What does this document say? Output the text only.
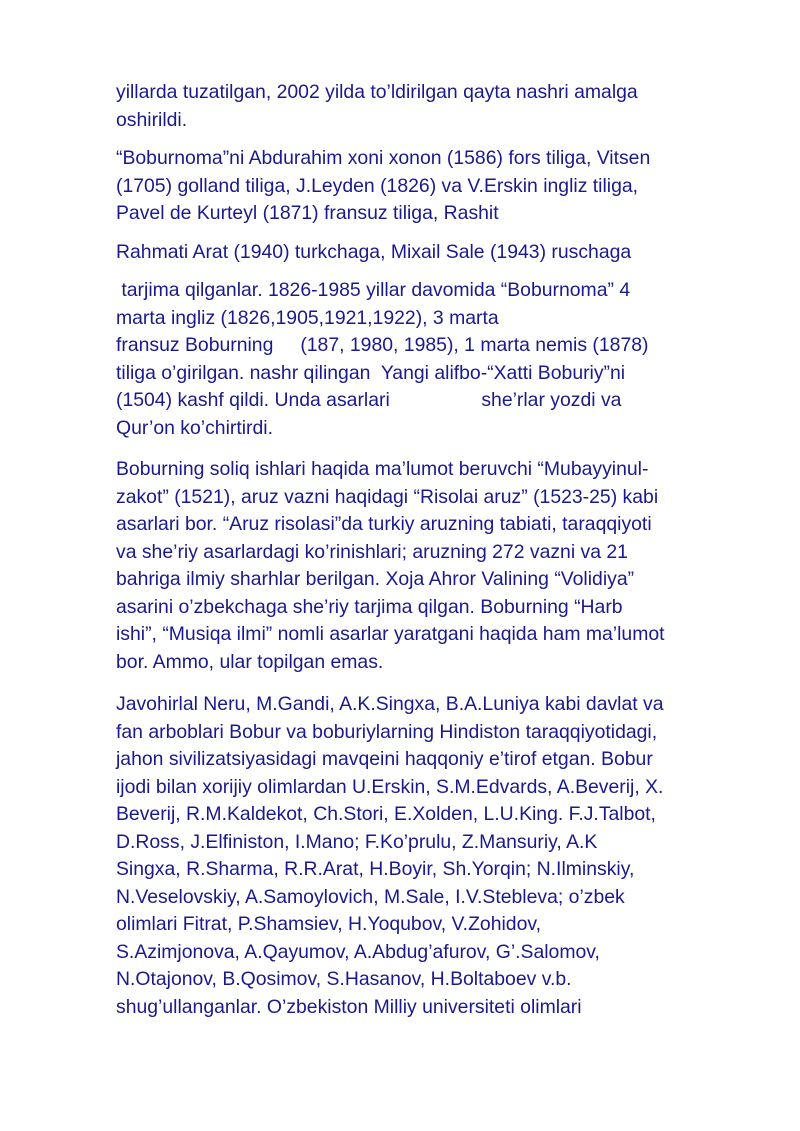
yillarda tuzatilgan, 2002 yilda to’ldirilgan qayta nashri amalga
oshirildi.
“Boburnoma”ni Abdurahim xoni xonon (1586) fors tiliga, Vitsen
(1705) golland tiliga, J.Leyden (1826) va V.Erskin ingliz tiliga,
Pavel de Kurteyl (1871) fransuz tiliga, Rashit
Rahmati Arat (1940) turkchaga, Mixail Sale (1943) ruschaga
tarjima qilganlar. 1826-1985 yillar davomida “Boburnoma” 4
marta ingliz (1826,1905,1921,1922), 3 marta
fransuz Boburning     (187, 1980, 1985), 1 marta nemis (1878)
tiliga o’girilgan. nashr qilingan  Yangi alifbo-“Xatti Boburiy”ni
(1504) kashf qildi. Unda asarlari                 she’rlar yozdi va
Qur’on ko’chirtirdi.
Boburning soliq ishlari haqida ma’lumot beruvchi “Mubayyinul-
zakot” (1521), aruz vazni haqidagi “Risolai aruz” (1523-25) kabi
asarlari bor. “Aruz risolasi”da turkiy aruzning tabiati, taraqqiyoti
va she’riy asarlardagi ko’rinishlari; aruzning 272 vazni va 21
bahriga ilmiy sharhlar berilgan. Xoja Ahror Valining “Volidiya”
asarini o’zbekchaga she’riy tarjima qilgan. Boburning “Harb
ishi”, “Musiqa ilmi” nomli asarlar yaratgani haqida ham ma’lumot
bor. Ammo, ular topilgan emas.
Javohirlal Neru, M.Gandi, A.K.Singxa, B.A.Luniya kabi davlat va
fan arboblari Bobur va boburiylarning Hindiston taraqqiyotidagi,
jahon sivilizatsiyasidagi mavqeini haqqoniy e’tirof etgan. Bobur
ijodi bilan xorijiy olimlardan U.Erskin, S.M.Edvards, A.Beverij, X.
Beverij, R.M.Kaldekot, Ch.Stori, E.Xolden, L.U.King. F.J.Talbot,
D.Ross, J.Elfiniston, I.Mano; F.Ko’prulu, Z.Mansuriy, A.K
Singxa, R.Sharma, R.R.Arat, H.Boyir, Sh.Yorqin; N.Ilminskiy,
N.Veselovskiy, A.Samoylovich, M.Sale, I.V.Stebleva; o’zbek
olimlari Fitrat, P.Shamsiev, H.Yoqubov, V.Zohidov,
S.Azimjonova, A.Qayumov, A.Abdug’afurov, G’.Salomov,
N.Otajonov, B.Qosimov, S.Hasanov, H.Boltaboev v.b.
shug’ullanganlar. O’zbekiston Milliy universiteti olimlari
